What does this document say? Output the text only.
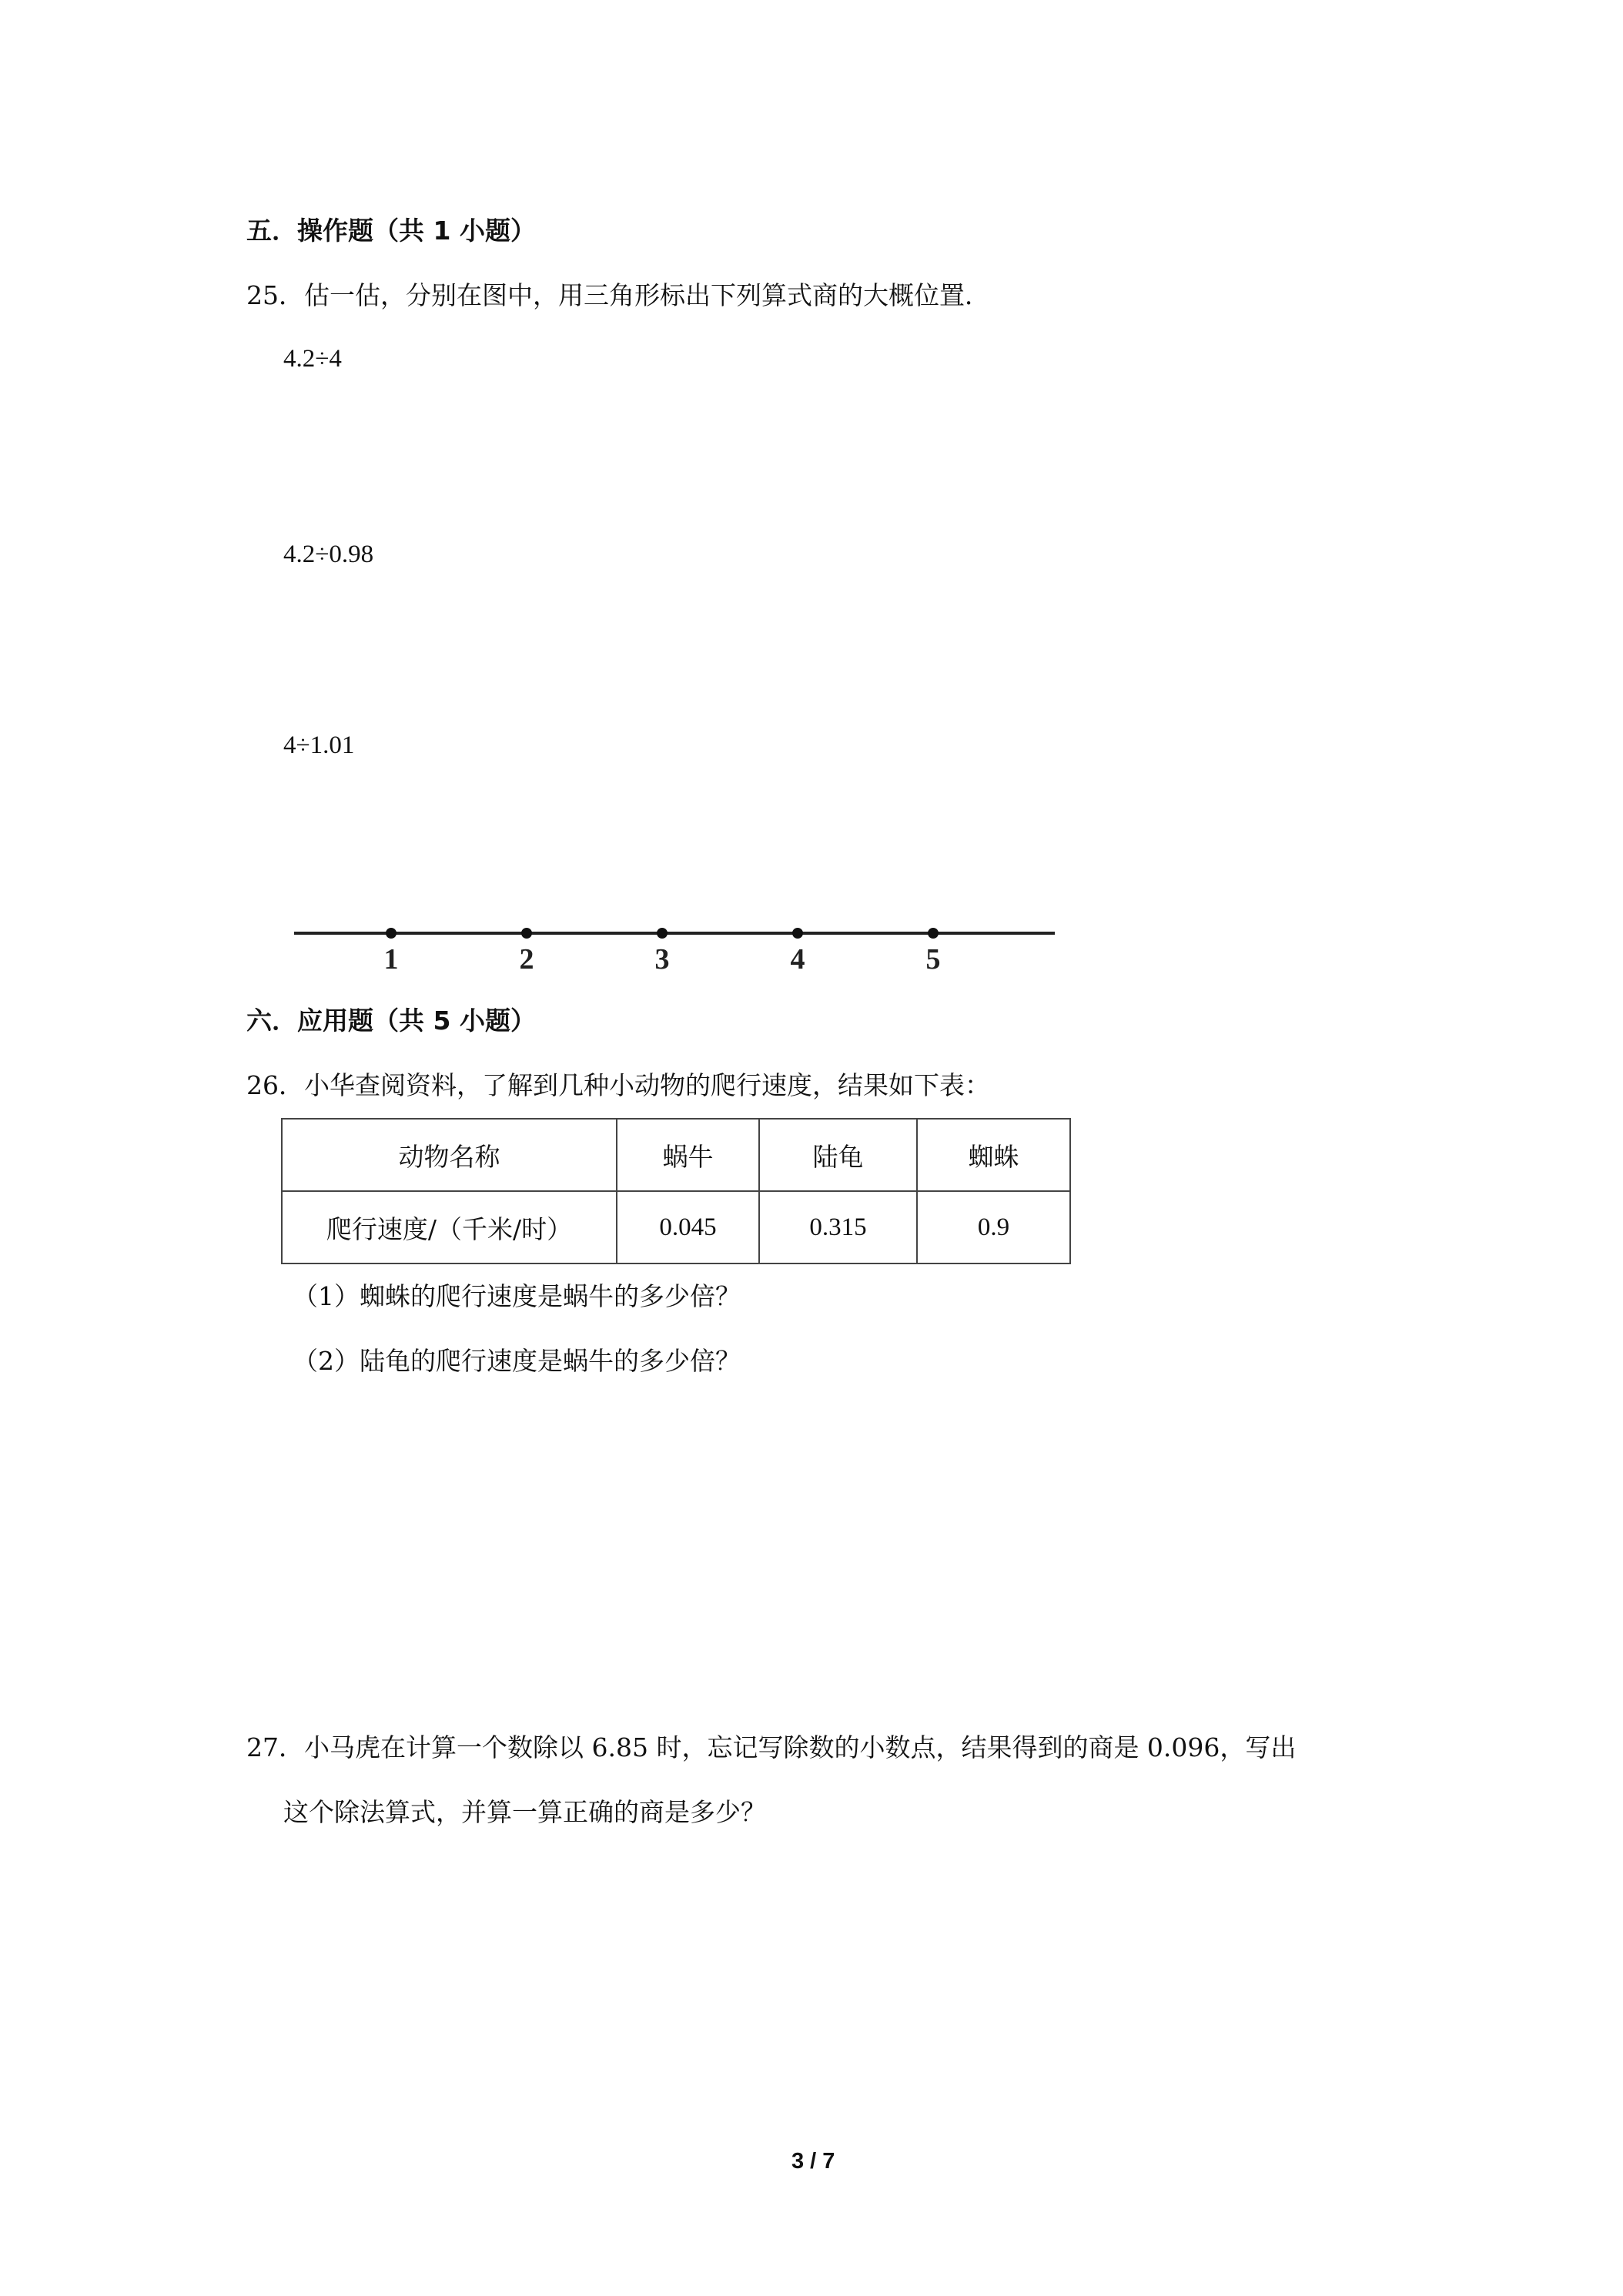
五．操作题（共 1 小题）
25．估一估，分别在图中，用三角形标出下列算式商的大概位置．
4.2÷4
4.2÷0.98
4÷1.01
1	2	3	4	5
六．应用题（共 5 小题）
26．小华查阅资料，了解到几种小动物的爬行速度，结果如下表：
动物名称	蜗牛	陆龟	蜘蛛
爬行速度/（千米/时）	0.045	0.315	0.9
（1）蜘蛛的爬行速度是蜗牛的多少倍？
（2）陆龟的爬行速度是蜗牛的多少倍？
27．小马虎在计算一个数除以 6.85 时，忘记写除数的小数点，结果得到的商是 0.096，写出
这个除法算式，并算一算正确的商是多少？
3 / 7
